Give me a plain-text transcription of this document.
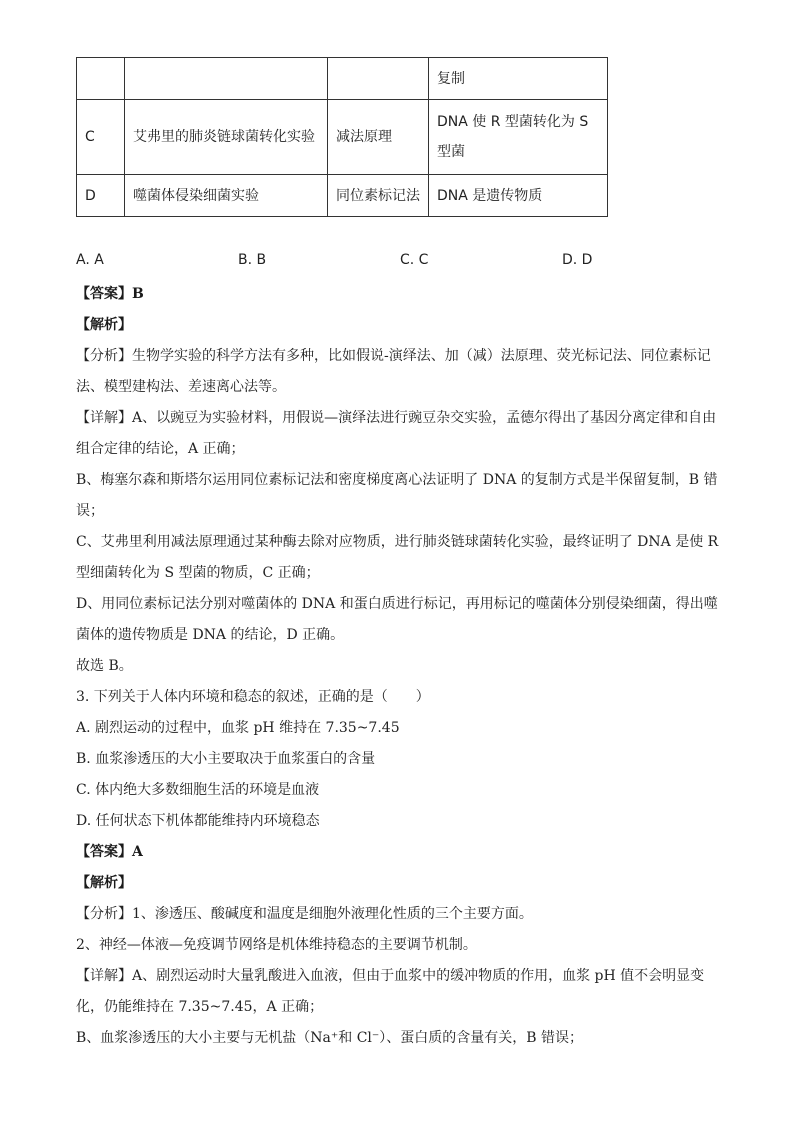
			复制
C	艾弗里的肺炎链球菌转化实验	减法原理	DNA 使 R 型菌转化为 S 型菌
D	噬菌体侵染细菌实验	同位素标记法	DNA 是遗传物质
A. A	B. B	C. C	D. D
【答案】B
【解析】
【分析】生物学实验的科学方法有多种，比如假说-演绎法、加（减）法原理、荧光标记法、同位素标记
法、模型建构法、差速离心法等。
【详解】A、以豌豆为实验材料，用假说—演绎法进行豌豆杂交实验，孟德尔得出了基因分离定律和自由
组合定律的结论，A 正确；
B、梅塞尔森和斯塔尔运用同位素标记法和密度梯度离心法证明了 DNA 的复制方式是半保留复制，B 错
误；
C、艾弗里利用减法原理通过某种酶去除对应物质，进行肺炎链球菌转化实验，最终证明了 DNA 是使 R
型细菌转化为 S 型菌的物质，C 正确；
D、用同位素标记法分别对噬菌体的 DNA 和蛋白质进行标记，再用标记的噬菌体分别侵染细菌，得出噬
菌体的遗传物质是 DNA 的结论，D 正确。
故选 B。
3. 下列关于人体内环境和稳态的叙述，正确的是（　　）
A. 剧烈运动的过程中，血浆 pH 维持在 7.35~7.45
B. 血浆渗透压的大小主要取决于血浆蛋白的含量
C. 体内绝大多数细胞生活的环境是血液
D. 任何状态下机体都能维持内环境稳态
【答案】A
【解析】
【分析】1、渗透压、酸碱度和温度是细胞外液理化性质的三个主要方面。
2、神经—体液—免疫调节网络是机体维持稳态的主要调节机制。
【详解】A、剧烈运动时大量乳酸进入血液，但由于血浆中的缓冲物质的作用，血浆 pH 值不会明显变
化，仍能维持在 7.35~7.45，A 正确；
B、血浆渗透压的大小主要与无机盐（Na⁺和 Cl⁻）、蛋白质的含量有关，B 错误；
